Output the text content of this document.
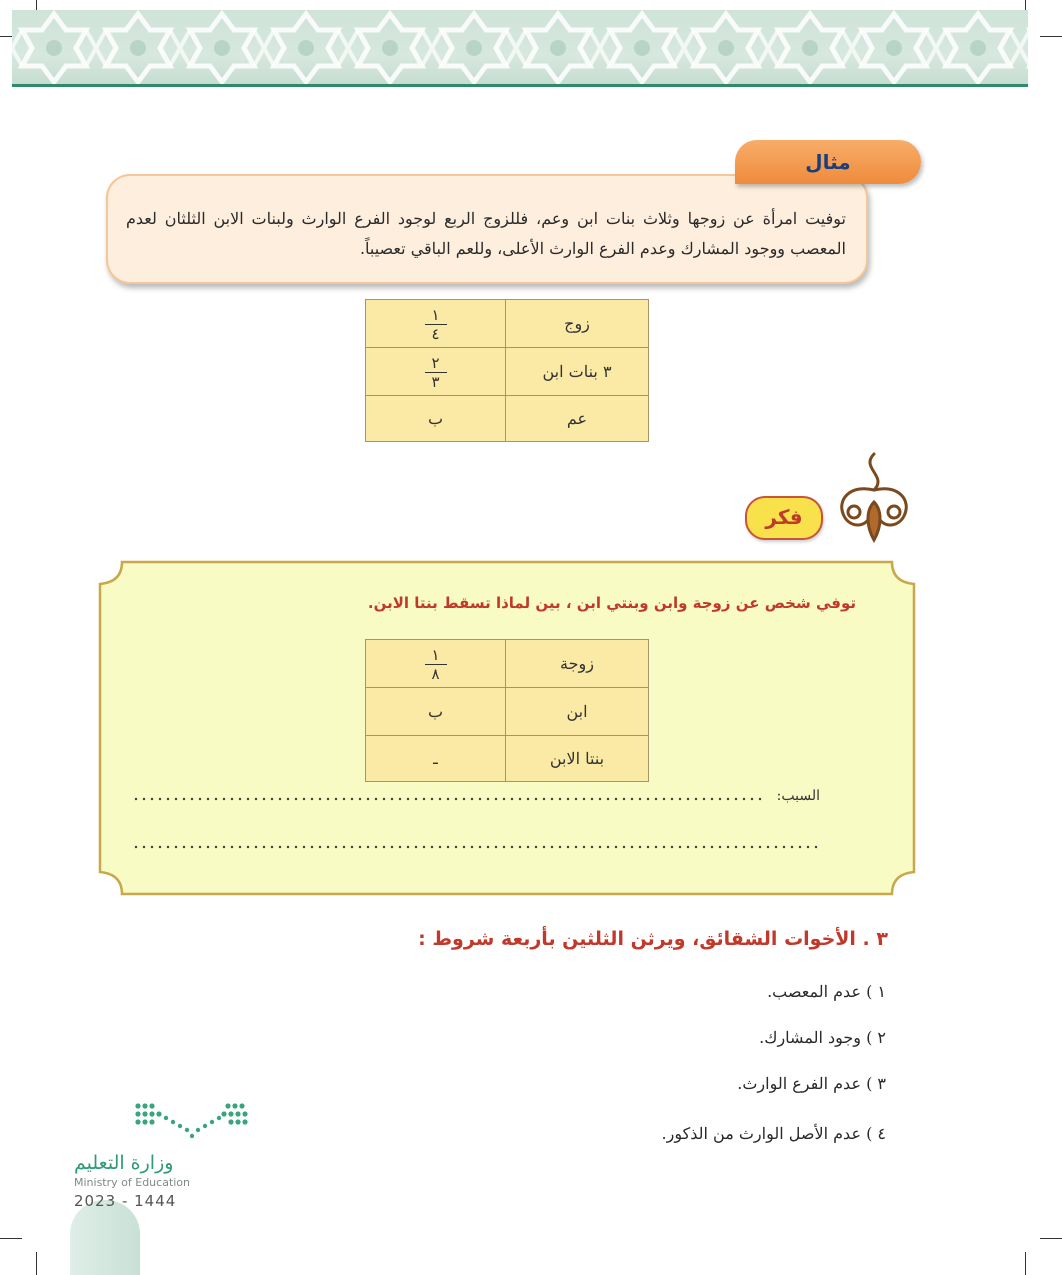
توفيت امرأة عن زوجها وثلاث بنات ابن وعم، فللزوج الربع لوجود الفرع الوارث ولبنات الابن الثلثان لعدم المعصب ووجود المشارك وعدم الفرع الوارث الأعلى، وللعم الباقي تعصيباً.
مثال
زوج	$\frac{١}{٤}$

٣ بنات ابن	$\frac{٢}{٣}$

عم	ب
فكر
توفي شخص عن زوجة وابن وبنتي ابن ، بين لماذا تسقط بنتا الابن.
زوجة	$\frac{١}{٨}$

ابن	ب
بنتا الابن	ـ
السبب:
٣ . الأخوات الشقائق، ويرثن الثلثين بأربعة شروط :
١ ) عدم المعصب.
٢ ) وجود المشارك.
٣ ) عدم الفرع الوارث.
٤ ) عدم الأصل الوارث من الذكور.
وزارة التعليم
Ministry of Education
2023 - 1444
